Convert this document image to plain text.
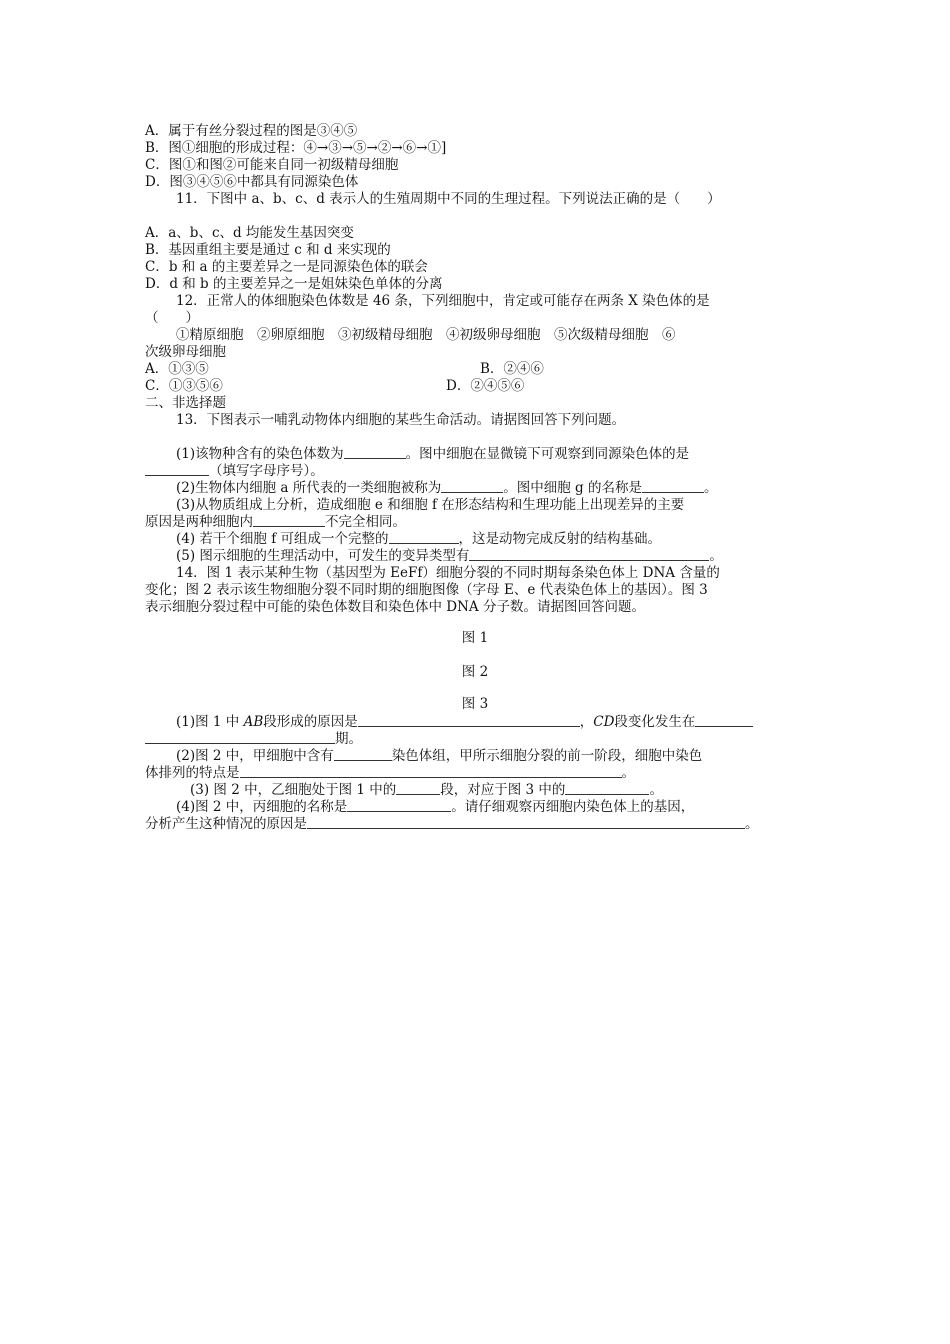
A．属于有丝分裂过程的图是③④⑤
B．图①细胞的形成过程：④→③→⑤→②→⑥→①]
C．图①和图②可能来自同一初级精母细胞
D．图③④⑤⑥中都具有同源染色体
11．下图中 a、b、c、d 表示人的生殖周期中不同的生理过程。下列说法正确的是（　　）
A．a、b、c、d 均能发生基因突变
B．基因重组主要是通过 c 和 d 来实现的
C．b 和 a 的主要差异之一是同源染色体的联会
D．d 和 b 的主要差异之一是姐妹染色单体的分离
12．正常人的体细胞染色体数是 46 条，下列细胞中，肯定或可能存在两条 X 染色体的是
（　　）
①精原细胞　②卵原细胞　③初级精母细胞　④初级卵母细胞　⑤次级精母细胞　⑥
次级卵母细胞
A．①③⑤	B．②④⑥
C．①③⑤⑥	D．②④⑤⑥
二、非选择题
13．下图表示一哺乳动物体内细胞的某些生命活动。请据图回答下列问题。
(1)该物种含有的染色体数为	。图中细胞在显微镜下可观察到同源染色体的是
（填写字母序号）。
(2)生物体内细胞 a 所代表的一类细胞被称为	。图中细胞 g 的名称是	。
(3)从物质组成上分析，造成细胞 e 和细胞 f 在形态结构和生理功能上出现差异的主要
原因是两种细胞内	不完全相同。
(4) 若干个细胞 f 可组成一个完整的	，这是动物完成反射的结构基础。
(5) 图示细胞的生理活动中，可发生的变异类型有	。
14．图 1 表示某种生物（基因型为 EeFf）细胞分裂的不同时期每条染色体上 DNA 含量的
变化；图 2 表示该生物细胞分裂不同时期的细胞图像（字母 E、e 代表染色体上的基因）。图 3
表示细胞分裂过程中可能的染色体数目和染色体中 DNA 分子数。请据图回答问题。
图 1
图 2
图 3
(1)图 1 中 AB段形成的原因是	，CD段变化发生在
期。
(2)图 2 中，甲细胞中含有	染色体组，甲所示细胞分裂的前一阶段，细胞中染色
体排列的特点是	。
(3) 图 2 中，乙细胞处于图 1 中的	段，对应于图 3 中的	。
(4)图 2 中，丙细胞的名称是	。请仔细观察丙细胞内染色体上的基因，
分析产生这种情况的原因是	。
